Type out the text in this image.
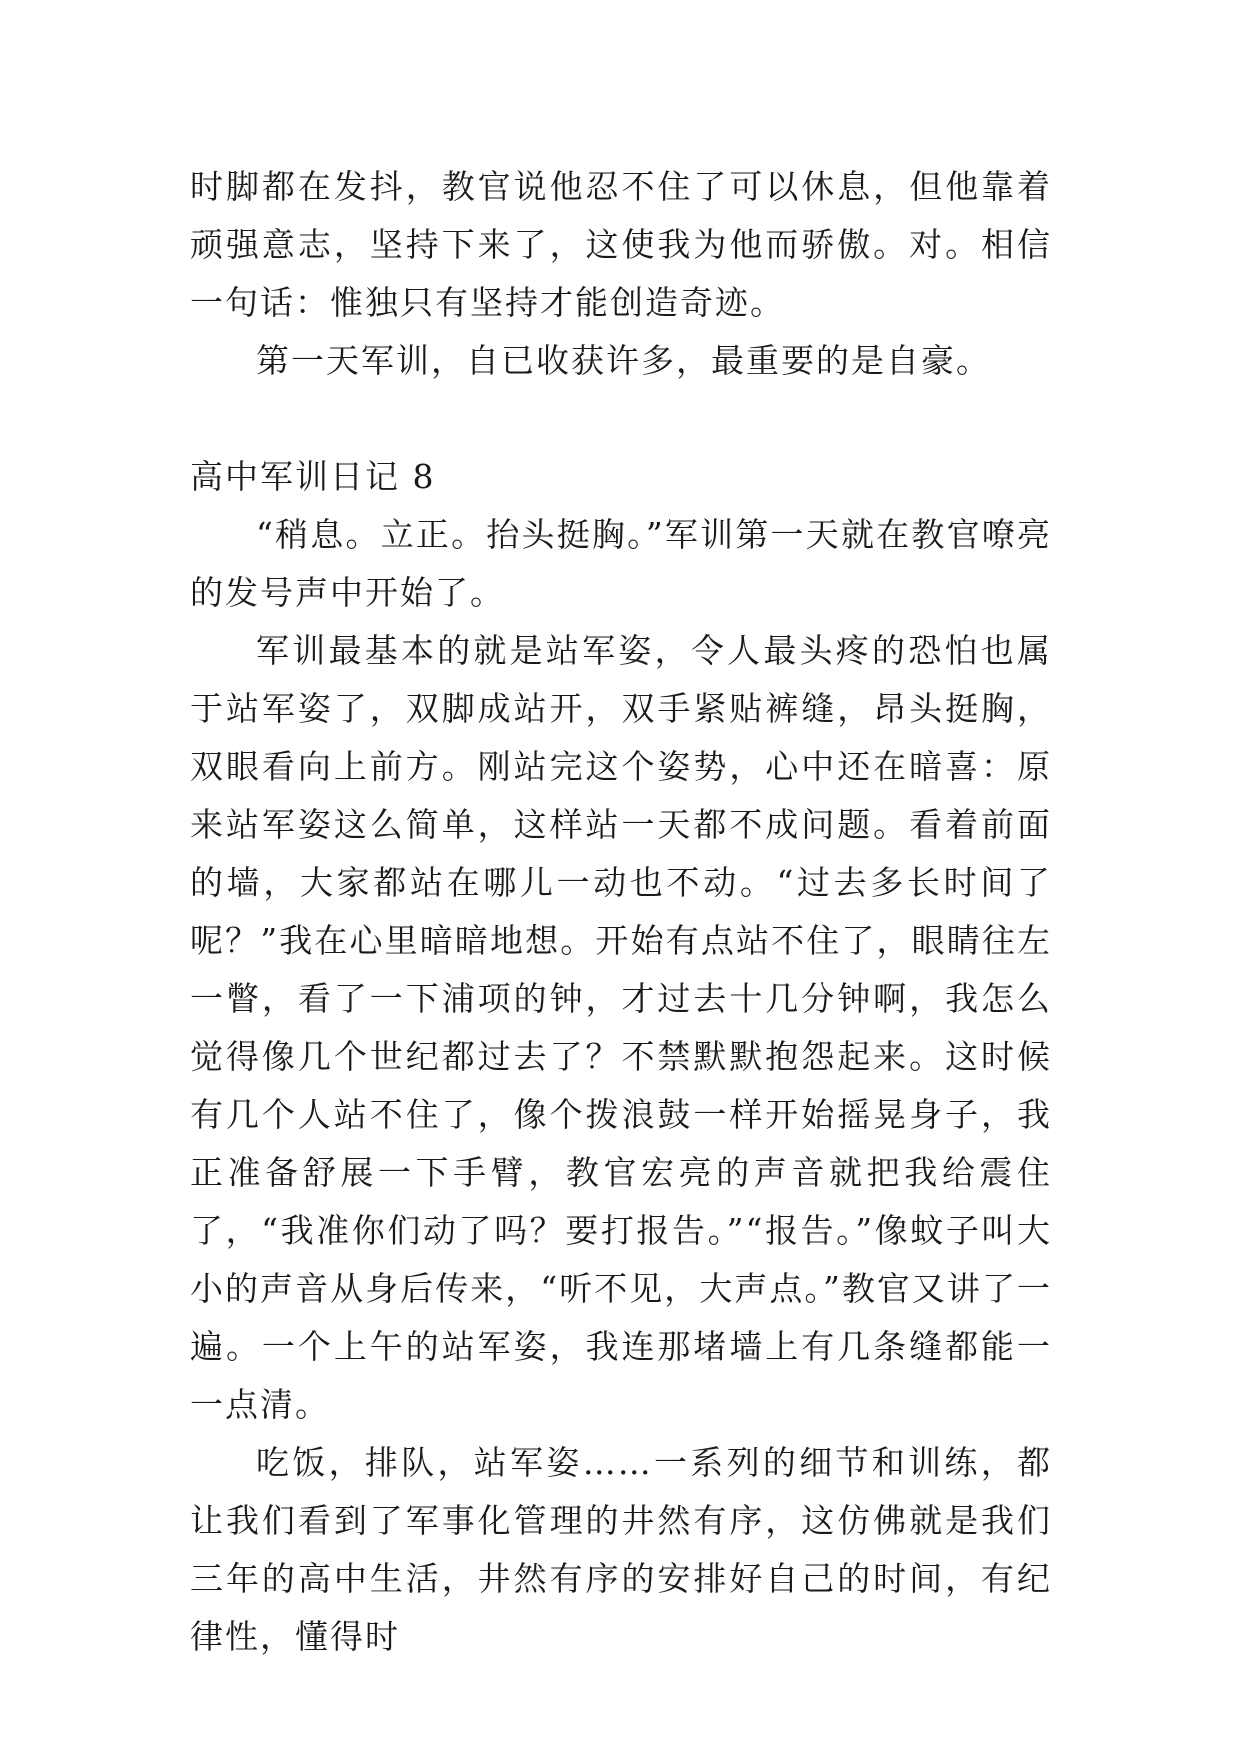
时脚都在发抖，教官说他忍不住了可以休息，但他靠着顽强意志，坚持下来了，这使我为他而骄傲。对。相信一句话：惟独只有坚持才能创造奇迹。

第一天军训，自已收获许多，最重要的是自豪。

高中军训日记 8

“稍息。立正。抬头挺胸。”军训第一天就在教官嘹亮的发号声中开始了。

军训最基本的就是站军姿，令人最头疼的恐怕也属于站军姿了，双脚成站开，双手紧贴裤缝，昂头挺胸，双眼看向上前方。刚站完这个姿势，心中还在暗喜：原来站军姿这么简单，这样站一天都不成问题。看着前面的墙，大家都站在哪儿一动也不动。“过去多长时间了呢？”我在心里暗暗地想。开始有点站不住了，眼睛往左一瞥，看了一下浦项的钟，才过去十几分钟啊，我怎么觉得像几个世纪都过去了？不禁默默抱怨起来。这时候有几个人站不住了，像个拨浪鼓一样开始摇晃身子，我正准备舒展一下手臂，教官宏亮的声音就把我给震住了，“我准你们动了吗？要打报告。”“报告。”像蚊子叫大小的声音从身后传来，“听不见，大声点。”教官又讲了一遍。一个上午的站军姿，我连那堵墙上有几条缝都能一一点清。

吃饭，排队，站军姿……一系列的细节和训练，都让我们看到了军事化管理的井然有序，这仿佛就是我们三年的高中生活，井然有序的安排好自己的时间，有纪律性，懂得时
